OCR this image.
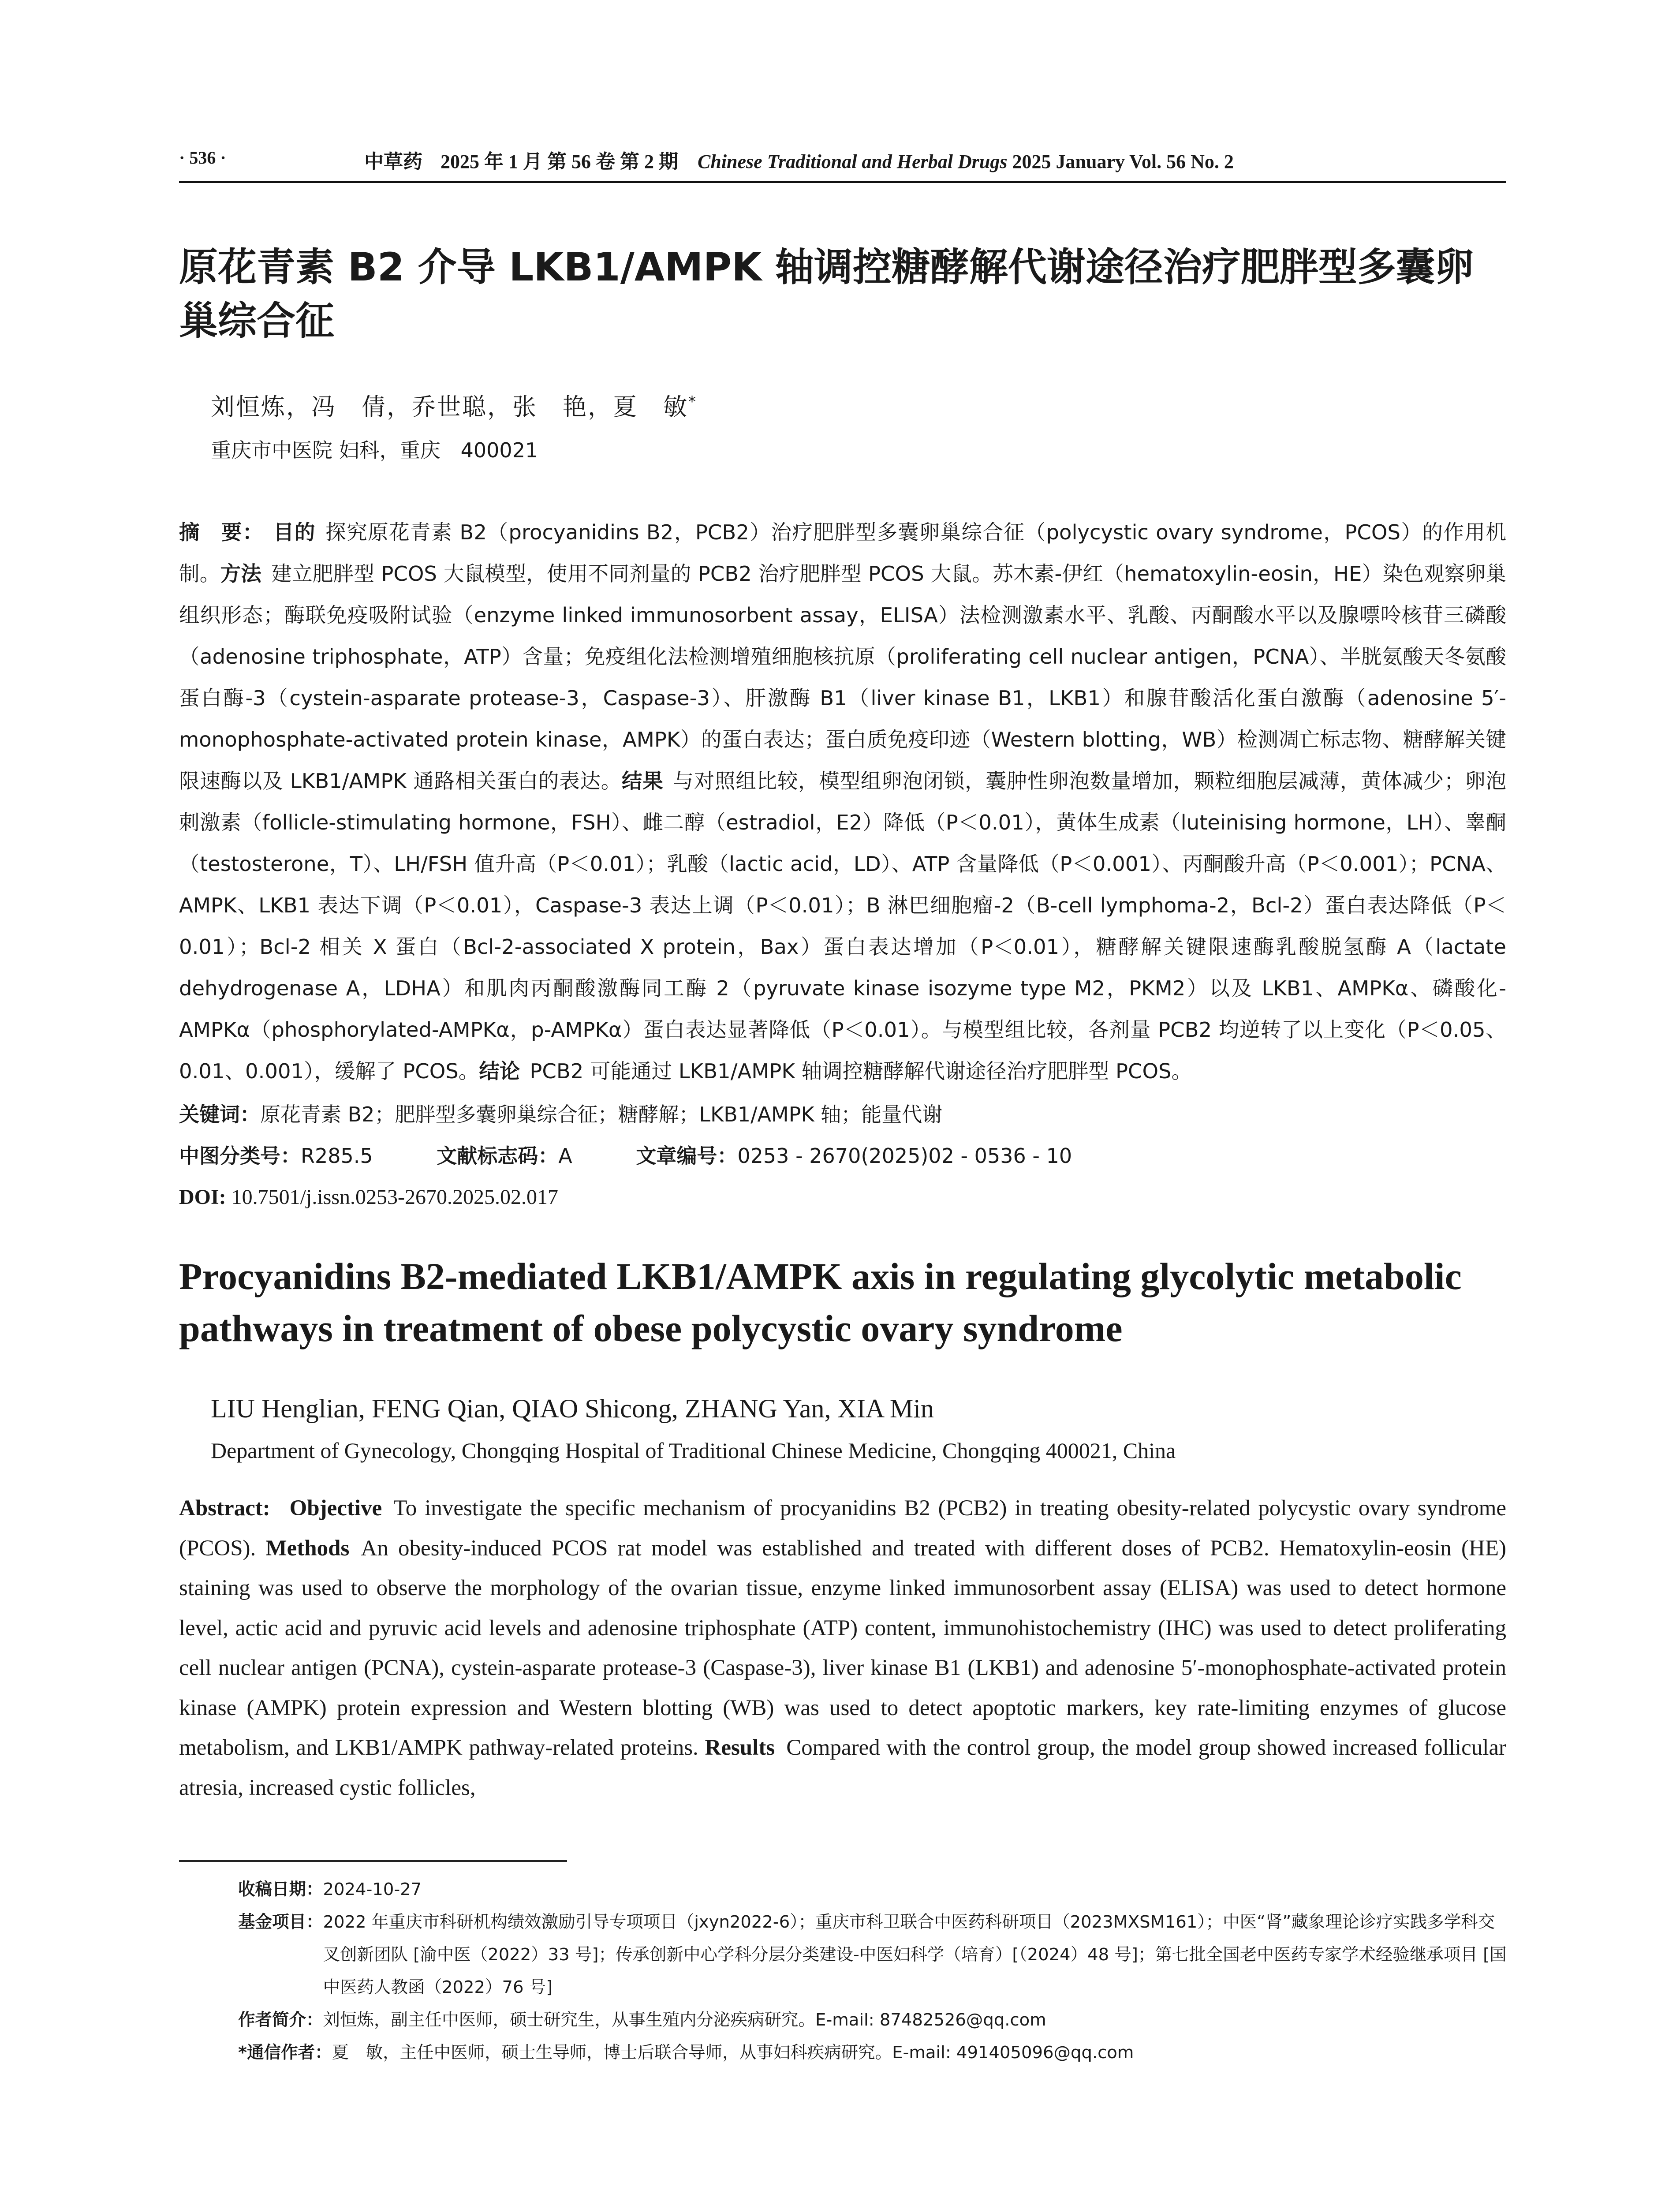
· 536 ·	中草药 2025 年 1 月 第 56 卷 第 2 期 Chinese Traditional and Herbal Drugs 2025 January Vol. 56 No. 2
原花青素 B2 介导 LKB1/AMPK 轴调控糖酵解代谢途径治疗肥胖型多囊卵巢综合征
刘恒炼，冯　倩，乔世聪，张　艳，夏　敏*
重庆市中医院 妇科，重庆　400021

摘　要： 目的 探究原花青素 B2（procyanidins B2，PCB2）治疗肥胖型多囊卵巢综合征（polycystic ovary syndrome，PCOS）的作用机制。方法 建立肥胖型 PCOS 大鼠模型，使用不同剂量的 PCB2 治疗肥胖型 PCOS 大鼠。苏木素-伊红（hematoxylin-eosin，HE）染色观察卵巢组织形态；酶联免疫吸附试验（enzyme linked immunosorbent assay，ELISA）法检测激素水平、乳酸、丙酮酸水平以及腺嘌呤核苷三磷酸（adenosine triphosphate，ATP）含量；免疫组化法检测增殖细胞核抗原（proliferating cell nuclear antigen，PCNA）、半胱氨酸天冬氨酸蛋白酶-3（cystein-asparate protease-3，Caspase-3）、肝激酶 B1（liver kinase B1，LKB1）和腺苷酸活化蛋白激酶（adenosine 5′-monophosphate-activated protein kinase，AMPK）的蛋白表达；蛋白质免疫印迹（Western blotting，WB）检测凋亡标志物、糖酵解关键限速酶以及 LKB1/AMPK 通路相关蛋白的表达。结果 与对照组比较，模型组卵泡闭锁，囊肿性卵泡数量增加，颗粒细胞层减薄，黄体减少；卵泡刺激素（follicle-stimulating hormone，FSH）、雌二醇（estradiol，E2）降低（P＜0.01），黄体生成素（luteinising hormone，LH）、睾酮（testosterone，T）、LH/FSH 值升高（P＜0.01）；乳酸（lactic acid，LD）、ATP 含量降低（P＜0.001）、丙酮酸升高（P＜0.001）；PCNA、AMPK、LKB1 表达下调（P＜0.01），Caspase-3 表达上调（P＜0.01）；B 淋巴细胞瘤-2（B-cell lymphoma-2，Bcl-2）蛋白表达降低（P＜0.01）；Bcl-2 相关 X 蛋白（Bcl-2-associated X protein，Bax）蛋白表达增加（P＜0.01），糖酵解关键限速酶乳酸脱氢酶 A（lactate dehydrogenase A，LDHA）和肌肉丙酮酸激酶同工酶 2（pyruvate kinase isozyme type M2，PKM2）以及 LKB1、AMPKα、磷酸化-AMPKα（phosphorylated-AMPKα，p-AMPKα）蛋白表达显著降低（P＜0.01）。与模型组比较，各剂量 PCB2 均逆转了以上变化（P＜0.05、0.01、0.001），缓解了 PCOS。结论 PCB2 可能通过 LKB1/AMPK 轴调控糖酵解代谢途径治疗肥胖型 PCOS。

关键词：原花青素 B2；肥胖型多囊卵巢综合征；糖酵解；LKB1/AMPK 轴；能量代谢
中图分类号：R285.5	文献标志码：A	文章编号：0253 - 2670(2025)02 - 0536 - 10
DOI: 10.7501/j.issn.0253-2670.2025.02.017
Procyanidins B2-mediated LKB1/AMPK axis in regulating glycolytic metabolic pathways in treatment of obese polycystic ovary syndrome
LIU Henglian, FENG Qian, QIAO Shicong, ZHANG Yan, XIA Min
Department of Gynecology, Chongqing Hospital of Traditional Chinese Medicine, Chongqing 400021, China

Abstract: Objective To investigate the specific mechanism of procyanidins B2 (PCB2) in treating obesity-related polycystic ovary syndrome (PCOS). Methods An obesity-induced PCOS rat model was established and treated with different doses of PCB2. Hematoxylin-eosin (HE) staining was used to observe the morphology of the ovarian tissue, enzyme linked immunosorbent assay (ELISA) was used to detect hormone level, actic acid and pyruvic acid levels and adenosine triphosphate (ATP) content, immunohistochemistry (IHC) was used to detect proliferating cell nuclear antigen (PCNA), cystein-asparate protease-3 (Caspase-3), liver kinase B1 (LKB1) and adenosine 5′-monophosphate-activated protein kinase (AMPK) protein expression and Western blotting (WB) was used to detect apoptotic markers, key rate-limiting enzymes of glucose metabolism, and LKB1/AMPK pathway-related proteins. Results Compared with the control group, the model group showed increased follicular atresia, increased cystic follicles,

收稿日期： 2024-10-27
基金项目： 2022 年重庆市科研机构绩效激励引导专项项目（jxyn2022-6）；重庆市科卫联合中医药科研项目（2023MXSM161）；中医“肾”藏象理论诊疗实践多学科交叉创新团队 [渝中医（2022）33 号]；传承创新中心学科分层分类建设-中医妇科学（培育）[（2024）48 号]；第七批全国老中医药专家学术经验继承项目 [国中医药人教函（2022）76 号]
作者简介： 刘恒炼，副主任中医师，硕士研究生，从事生殖内分泌疾病研究。E-mail: 87482526@qq.com
*通信作者： 夏　敏，主任中医师，硕士生导师，博士后联合导师，从事妇科疾病研究。E-mail: 491405096@qq.com
